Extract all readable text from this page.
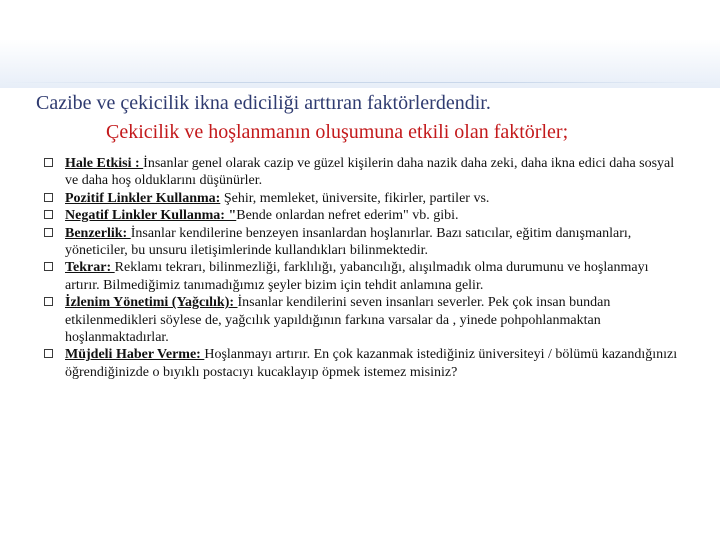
Cazibe ve çekicilik ikna ediciliği arttıran faktörlerdendir.
Çekicilik ve hoşlanmanın oluşumuna etkili olan faktörler;
Hale Etkisi : İnsanlar genel olarak cazip ve güzel kişilerin daha nazik daha zeki, daha ikna edici daha sosyal ve daha hoş olduklarını düşünürler.
Pozitif Linkler Kullanma: Şehir, memleket, üniversite, fikirler, partiler vs.
Negatif Linkler Kullanma: "Bende onlardan nefret ederim" vb. gibi.
Benzerlik: İnsanlar kendilerine benzeyen insanlardan hoşlanırlar. Bazı satıcılar, eğitim danışmanları, yöneticiler, bu unsuru iletişimlerinde kullandıkları bilinmektedir.
Tekrar: Reklamı tekrarı, bilinmezliği, farklılığı, yabancılığı, alışılmadık olma durumunu ve hoşlanmayı artırır. Bilmediğimiz tanımadığımız şeyler bizim için tehdit anlamına gelir.
İzlenim Yönetimi (Yağcılık): İnsanlar kendilerini seven insanları severler. Pek çok insan bundan etkilenmedikleri söylese de, yağcılık yapıldığının farkına varsalar da , yinede pohpohlanmaktan hoşlanmaktadırlar.
Müjdeli Haber Verme: Hoşlanmayı artırır. En çok kazanmak istediğiniz üniversiteyi / bölümü kazandığınızı öğrendiğinizde o bıyıklı postacıyı kucaklayıp öpmek istemez misiniz?
